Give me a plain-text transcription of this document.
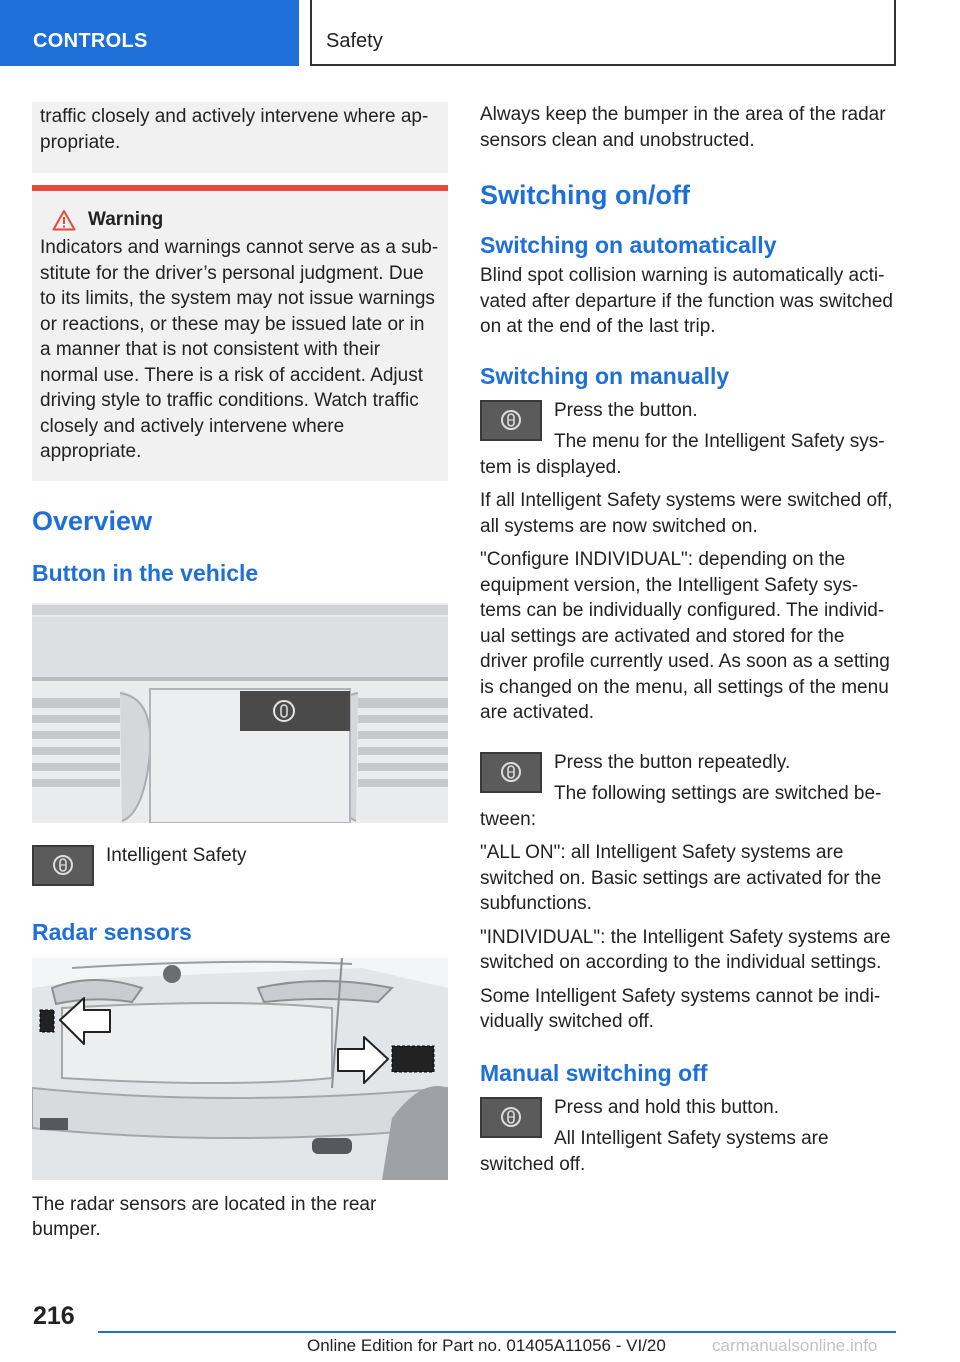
CONTROLS	Safety

traffic closely and actively intervene where ap‐propriate.

Warning

Indicators and warnings cannot serve as a sub‐stitute for the driver’s personal judgment. Due to its limits, the system may not issue warnings or reactions, or these may be issued late or in a manner that is not consistent with their normal use. There is a risk of accident. Adjust driving style to traffic conditions. Watch traffic closely and actively intervene where appropriate.

Overview
Button in the vehicle

Intelligent Safety

Radar sensors

The radar sensors are located in the rear bumper.

Always keep the bumper in the area of the radar sensors clean and unobstructed.

Switching on/off
Switching on automatically

Blind spot collision warning is automatically acti‐vated after departure if the function was switched on at the end of the last trip.

Switching on manually

Press the button.

The menu for the Intelligent Safety sys‐tem is displayed.

If all Intelligent Safety systems were switched off, all systems are now switched on.

"Configure INDIVIDUAL": depending on the equipment version, the Intelligent Safety sys‐tems can be individually configured. The individ‐ual settings are activated and stored for the driver profile currently used. As soon as a setting is changed on the menu, all settings of the menu are activated.

Press the button repeatedly.

The following settings are switched be‐tween:

"ALL ON": all Intelligent Safety systems are switched on. Basic settings are activated for the subfunctions.

"INDIVIDUAL": the Intelligent Safety systems are switched on according to the individual settings.

Some Intelligent Safety systems cannot be indi‐vidually switched off.

Manual switching off

Press and hold this button.

All Intelligent Safety systems are switched off.

216
Online Edition for Part no. 01405A11056 - VI/20	carmanualsonline.info
